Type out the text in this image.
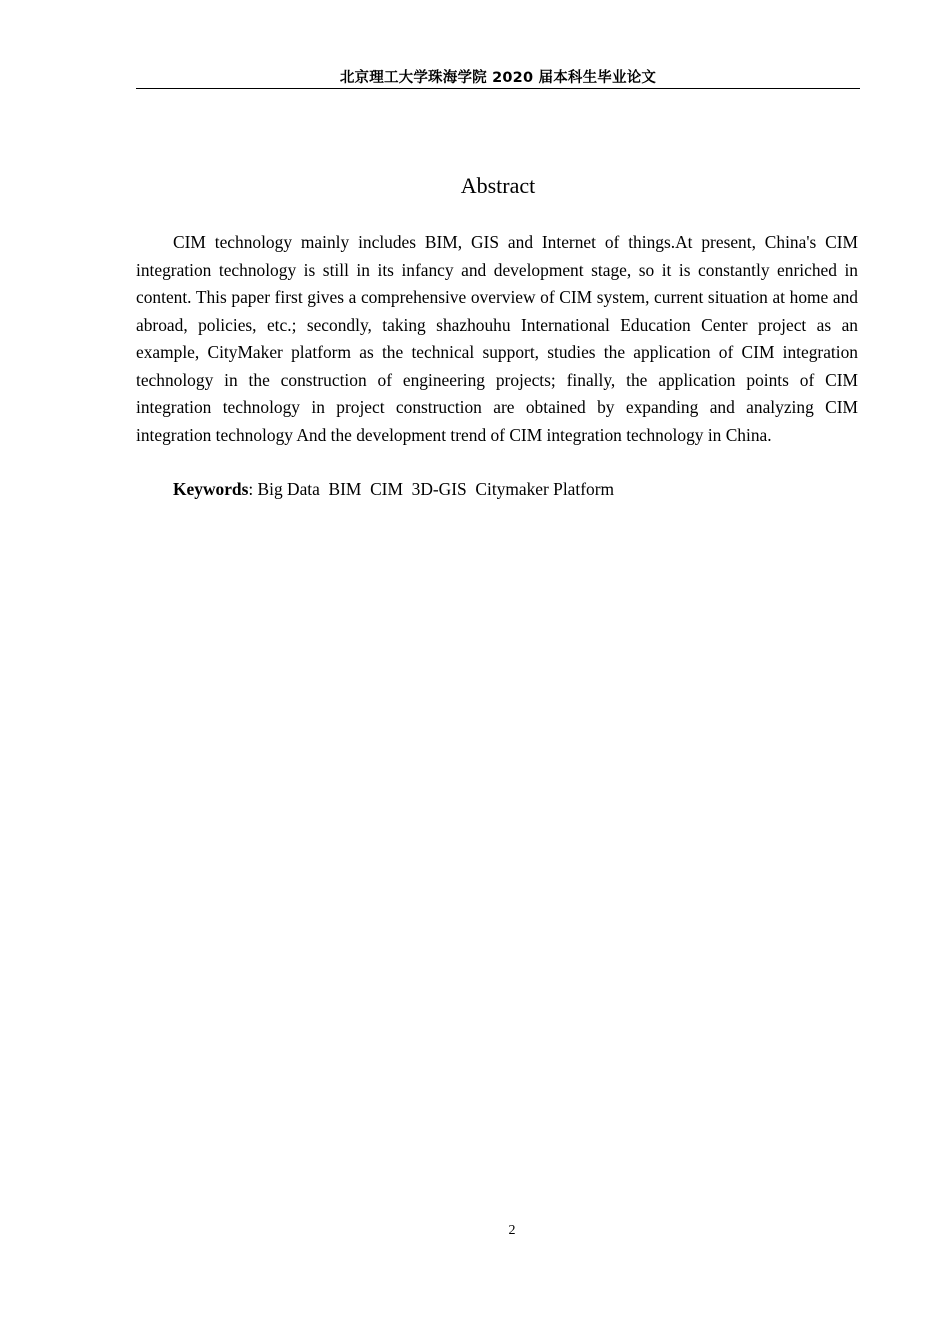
北京理工大学珠海学院 2020 届本科生毕业论文
Abstract

CIM technology mainly includes BIM, GIS and Internet of things.At present, China's CIM integration technology is still in its infancy and development stage, so it is constantly enriched in content. This paper first gives a comprehensive overview of CIM system, current situation at home and abroad, policies, etc.; secondly, taking shazhouhu International Education Center project as an example, CityMaker platform as the technical support, studies the application of CIM integration technology in the construction of engineering projects; finally, the application points of CIM integration technology in project construction are obtained by expanding and analyzing CIM integration technology And the development trend of CIM integration technology in China.

Keywords: Big Data  BIM  CIM  3D-GIS  Citymaker Platform

2
